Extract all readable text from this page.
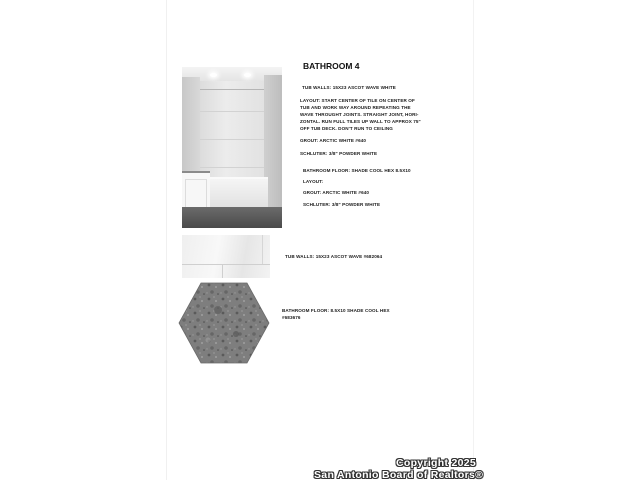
BATHROOM 4
TUB WALLS: 15X23 ASCOT WAVE WHITE
LAYOUT: START CENTER OF TILE ON CENTER OF
TUB AND WORK WAY AROUND REPEATING THE
WAVE THROUGHT JOINTS. STRAIGHT JOINT, HORI-
ZONTAL. RUN FULL TILES UP WALL TO APPROX 75"
OFF TUB DECK. DON'T RUN TO CEILING
GROUT: ARCTIC WHITE #640
SCHLUTER: 3/8" POWDER WHITE
BATHROOM FLOOR: SHADE COOL HEX 8.5X10
LAYOUT:
GROUT: ARCTIC WHITE #640
SCHLUTER: 3/8" POWDER WHITE
TUB WALLS: 15X23 ASCOT WAVE #682064
BATHROOM FLOOR: 8.5X10 SHADE COOL HEX
#683676
Copyright 2025
San Antonio Board of Realtors®
